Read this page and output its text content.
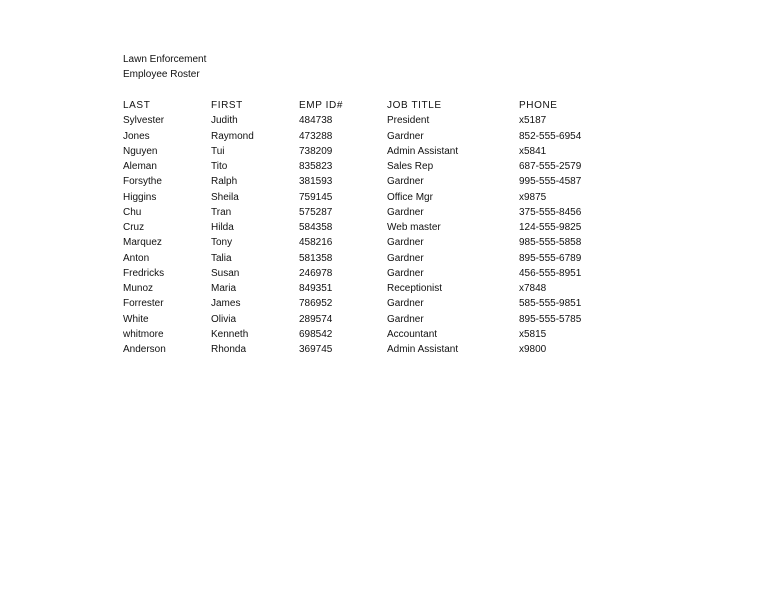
Lawn Enforcement
Employee Roster
LAST	FIRST	EMP ID#	JOB TITLE	PHONE
Sylvester	Judith	484738	President	x5187
Jones	Raymond	473288	Gardner	852-555-6954
Nguyen	Tui	738209	Admin Assistant	x5841
Aleman	Tito	835823	Sales Rep	687-555-2579
Forsythe	Ralph	381593	Gardner	995-555-4587
Higgins	Sheila	759145	Office Mgr	x9875
Chu	Tran	575287	Gardner	375-555-8456
Cruz	Hilda	584358	Web master	124-555-9825
Marquez	Tony	458216	Gardner	985-555-5858
Anton	Talia	581358	Gardner	895-555-6789
Fredricks	Susan	246978	Gardner	456-555-8951
Munoz	Maria	849351	Receptionist	x7848
Forrester	James	786952	Gardner	585-555-9851
White	Olivia	289574	Gardner	895-555-5785
whitmore	Kenneth	698542	Accountant	x5815
Anderson	Rhonda	369745	Admin Assistant	x9800
